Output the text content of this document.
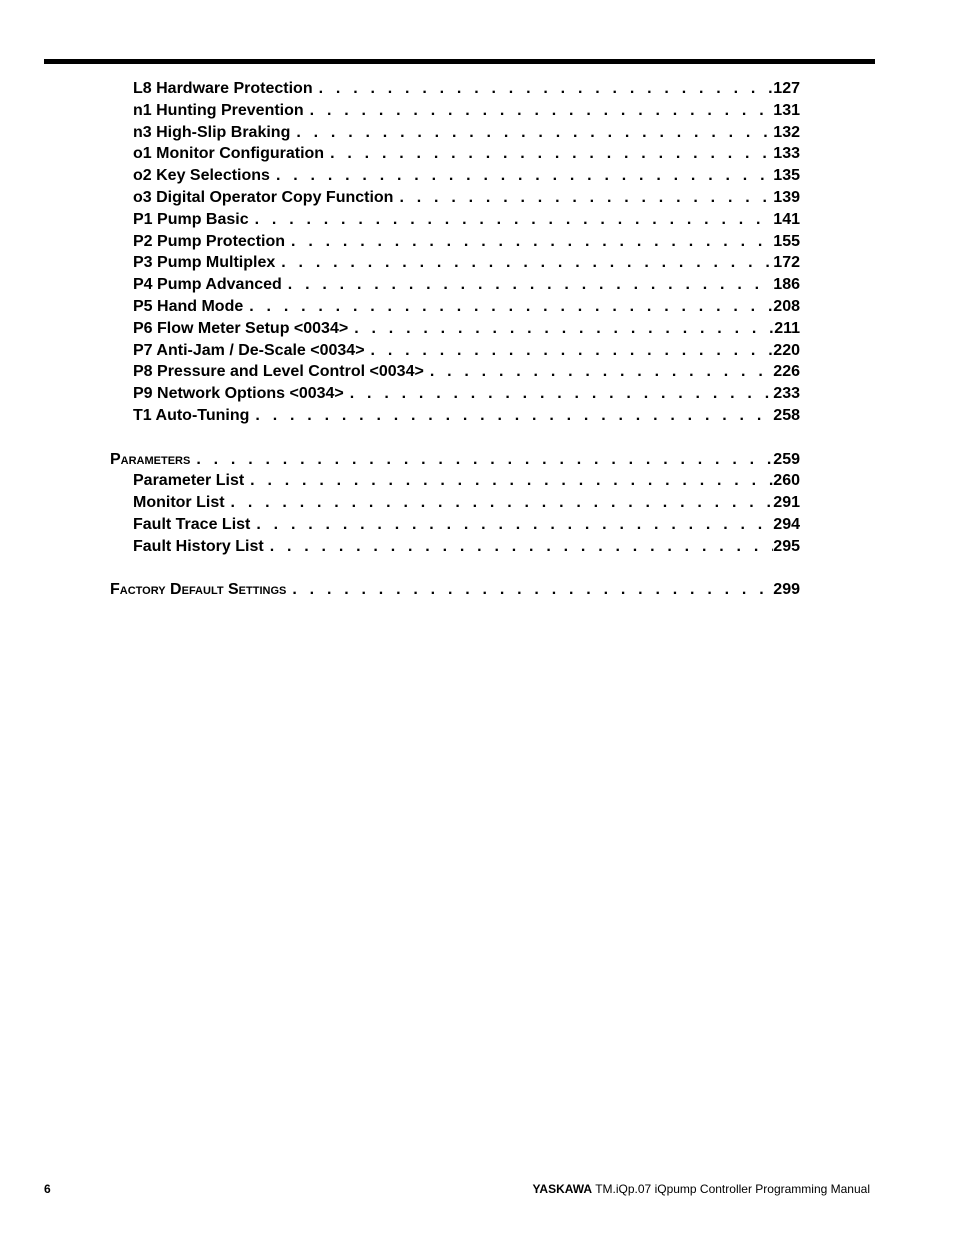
L8 Hardware Protection . . .	127
n1 Hunting Prevention . . .	131
n3 High-Slip Braking . . .	132
o1 Monitor Configuration . . .	133
o2 Key Selections . . .	135
o3 Digital Operator Copy Function . . .	139
P1 Pump Basic . . .	141
P2 Pump Protection . . .	155
P3 Pump Multiplex . . .	172
P4 Pump Advanced . . .	186
P5 Hand Mode . . .	208
P6 Flow Meter Setup <0034> . . .	211
P7 Anti-Jam / De-Scale <0034> . . .	220
P8 Pressure and Level Control <0034> . . .	226
P9 Network Options <0034> . . .	233
T1 Auto-Tuning . . .	258
Parameters . . .	259
Parameter List . . .	260
Monitor List . . .	291
Fault Trace List . . .	294
Fault History List . . .	295
Factory Default Settings . . .	299
6	YASKAWA TM.iQp.07 iQpump Controller Programming Manual
